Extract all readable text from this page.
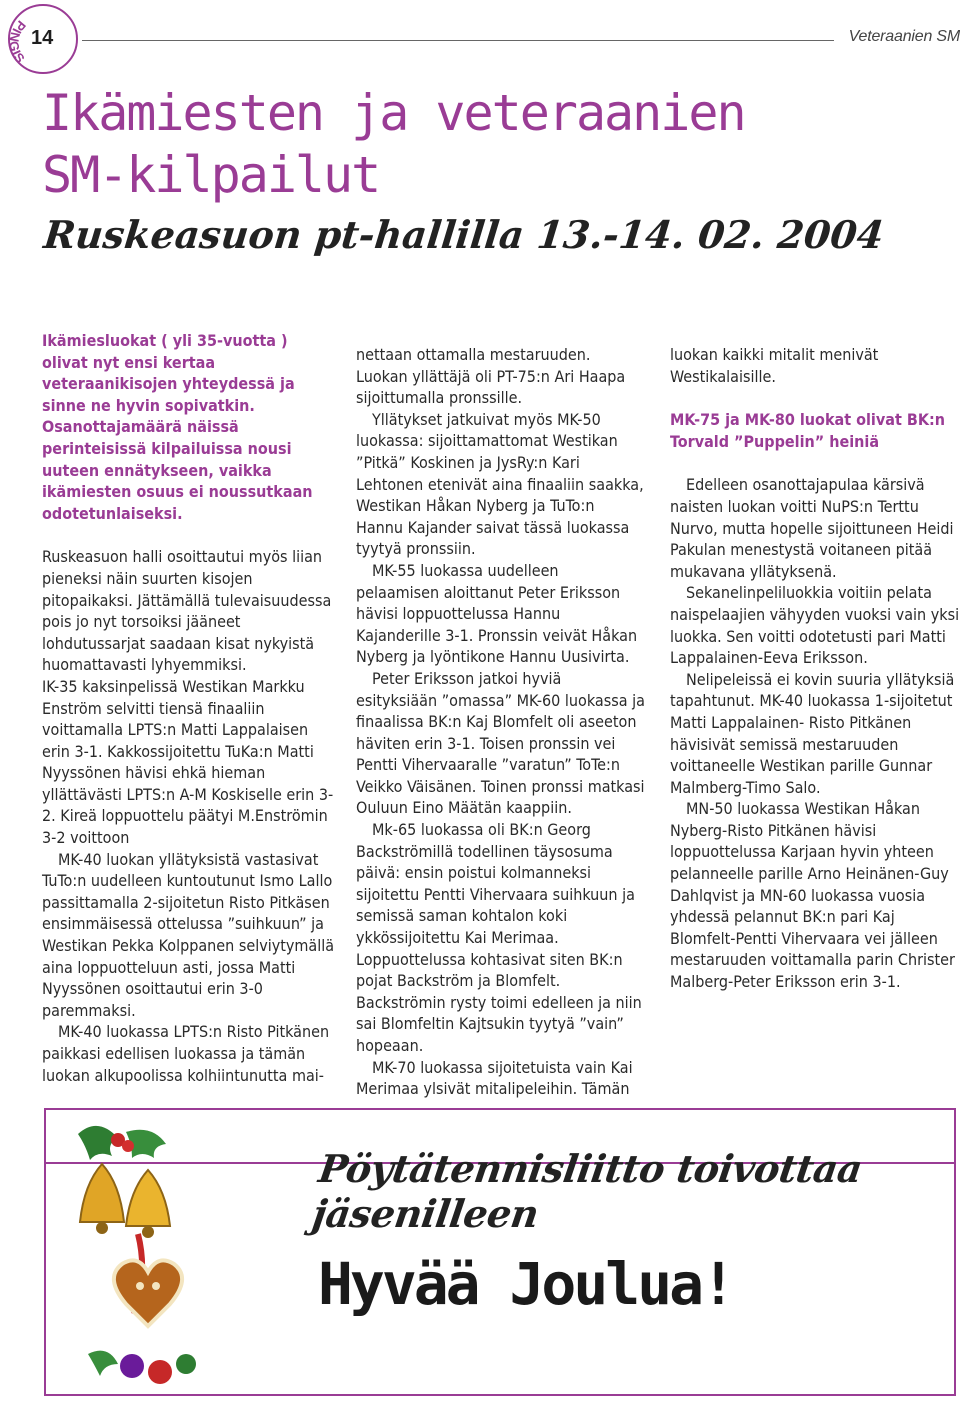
PINGIS
14	Veteraanien SM
Ikämiesten ja veteraanien
SM-kilpailut
Ruskeasuon pt-hallilla 13.-14. 02. 2004

Ikämiesluokat ( yli 35-vuotta ) olivat nyt ensi kertaa veteraanikisojen yhteydessä ja sinne ne hyvin sopivatkin. Osanottajamäärä näissä perinteisissä kilpailuissa nousi uuteen ennätykseen, vaikka ikämiesten osuus ei noussutkaan odotetunlaiseksi.

Ruskeasuon halli osoittautui myös liian pieneksi näin suurten kisojen pitopaikaksi. Jättämällä tulevaisuudessa pois jo nyt torsoiksi jääneet lohdutussarjat saadaan kisat nykyistä huomattavasti lyhyemmiksi.

IK-35 kaksinpelissä Westikan Markku Enström selvitti tiensä finaaliin voittamalla LPTS:n Matti Lappalaisen erin 3-1. Kakkossijoitettu TuKa:n Matti Nyyssönen hävisi ehkä hieman yllättävästi LPTS:n A-M Koskiselle erin 3-2. Kireä loppuottelu päätyi M.Enströmin 3-2 voittoon

MK-40 luokan yllätyksistä vastasivat TuTo:n uudelleen kuntoutunut Ismo Lallo passittamalla 2-sijoitetun Risto Pitkäsen ensimmäisessä ottelussa ”suihkuun” ja Westikan Pekka Kolppanen selviytymällä aina loppuotteluun asti, jossa Matti Nyyssönen osoittautui erin 3-0 paremmaksi.

MK-40 luokassa LPTS:n Risto Pitkänen paikkasi edellisen luokassa ja tämän luokan alkupoolissa kolhiintunutta mai-

nettaan ottamalla mestaruuden. Luokan yllättäjä oli PT-75:n Ari Haapa sijoittumalla pronssille.

Yllätykset jatkuivat myös MK-50 luokassa: sijoittamattomat Westikan ”Pitkä” Koskinen ja JysRy:n Kari Lehtonen etenivät aina finaaliin saakka, Westikan Håkan Nyberg ja TuTo:n Hannu Kajander saivat tässä luokassa tyytyä pronssiin.

MK-55 luokassa uudelleen pelaamisen aloittanut Peter Eriksson hävisi loppuottelussa Hannu Kajanderille 3-1. Pronssin veivät Håkan Nyberg ja lyöntikone Hannu Uusivirta.

Peter Eriksson jatkoi hyviä esityksiään ”omassa” MK-60 luokassa ja finaalissa BK:n Kaj Blomfelt oli aseeton häviten erin 3-1. Toisen pronssin vei Pentti Vihervaaralle ”varatun” ToTe:n Veikko Väisänen. Toinen pronssi matkasi Ouluun Eino Määtän kaappiin.

Mk-65 luokassa oli BK:n Georg Backströmillä todellinen täysosuma päivä: ensin poistui kolmanneksi sijoitettu Pentti Vihervaara suihkuun ja semissä saman kohtalon koki ykkössijoitettu Kai Merimaa. Loppuottelussa kohtasivat siten BK:n pojat Backström ja Blomfelt. Backströmin rysty toimi edelleen ja niin sai Blomfeltin Kajtsukin tyytyä ”vain” hopeaan.

MK-70 luokassa sijoitetuista vain Kai Merimaa ylsivät mitalipeleihin. Tämän

luokan kaikki mitalit menivät Westikalaisille.

MK-75 ja MK-80 luokat olivat BK:n Torvald ”Puppelin” heiniä

Edelleen osanottajapulaa kärsivä naisten luokan voitti NuPS:n Terttu Nurvo, mutta hopelle sijoittuneen Heidi Pakulan menestystä voitaneen pitää mukavana yllätyksenä.

Sekanelinpeliluokkia voitiin pelata naispelaajien vähyyden vuoksi vain yksi luokka. Sen voitti odotetusti pari Matti Lappalainen-Eeva Eriksson.

Nelipeleissä ei kovin suuria yllätyksiä tapahtunut. MK-40 luokassa 1-sijoitetut Matti Lappalainen- Risto Pitkänen hävisivät semissä mestaruuden voittaneelle Westikan parille Gunnar Malmberg-Timo Salo.

MN-50 luokassa Westikan Håkan Nyberg-Risto Pitkänen hävisi loppuottelussa Karjaan hyvin yhteen pelanneelle parille Arno Heinänen-Guy Dahlqvist ja MN-60 luokassa vuosia yhdessä pelannut BK:n pari Kaj Blomfelt-Pentti Vihervaara vei jälleen mestaruuden voittamalla parin Christer Malberg-Peter Eriksson erin 3-1.

Pöytätennisliitto toivottaa jäsenilleen
Hyvää Joulua!
